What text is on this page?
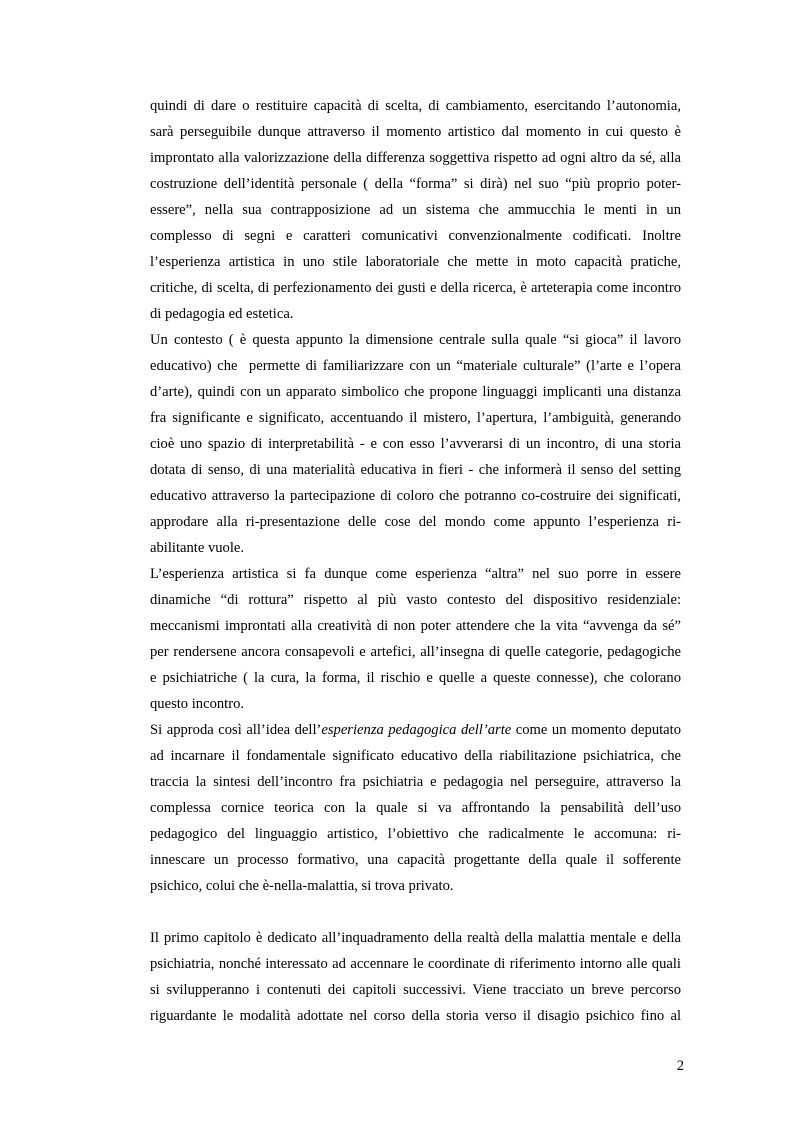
quindi di dare o restituire capacità di scelta, di cambiamento, esercitando l’autonomia,
sarà perseguibile dunque attraverso il momento artistico dal momento in cui questo è
improntato alla valorizzazione della differenza soggettiva rispetto ad ogni altro da sé, alla
costruzione dell’identità personale ( della “forma” si dirà) nel suo “più proprio poter-
essere”, nella sua contrapposizione ad un sistema che ammucchia le menti in un
complesso di segni e caratteri comunicativi convenzionalmente codificati. Inoltre
l’esperienza artistica in uno stile laboratoriale che mette in moto capacità pratiche,
critiche, di scelta, di perfezionamento dei gusti e della ricerca, è arteterapia come incontro
di pedagogia ed estetica.

Un contesto ( è questa appunto la dimensione centrale sulla quale “si gioca” il lavoro
educativo) che  permette di familiarizzare con un “materiale culturale” (l’arte e l’opera
d’arte), quindi con un apparato simbolico che propone linguaggi implicanti una distanza
fra significante e significato, accentuando il mistero, l’apertura, l’ambiguità, generando
cioè uno spazio di interpretabilità - e con esso l’avverarsi di un incontro, di una storia
dotata di senso, di una materialità educativa in fieri - che informerà il senso del setting
educativo attraverso la partecipazione di coloro che potranno co-costruire dei significati,
approdare alla ri-presentazione delle cose del mondo come appunto l’esperienza ri-
abilitante vuole.

L’esperienza artistica si fa dunque come esperienza “altra” nel suo porre in essere
dinamiche “di rottura” rispetto al più vasto contesto del dispositivo residenziale:
meccanismi improntati alla creatività di non poter attendere che la vita “avvenga da sé”
per rendersene ancora consapevoli e artefici, all’insegna di quelle categorie, pedagogiche
e psichiatriche ( la cura, la forma, il rischio e quelle a queste connesse), che colorano
questo incontro.

Si approda così all’idea dell’esperienza pedagogica dell’arte come un momento deputato
ad incarnare il fondamentale significato educativo della riabilitazione psichiatrica, che
traccia la sintesi dell’incontro fra psichiatria e pedagogia nel perseguire, attraverso la
complessa cornice teorica con la quale si va affrontando la pensabilità dell’uso
pedagogico del linguaggio artistico, l’obiettivo che radicalmente le accomuna: ri-
innescare un processo formativo, una capacità progettante della quale il sofferente
psichico, colui che è-nella-malattia, si trova privato.

Il primo capitolo è dedicato all’inquadramento della realtà della malattia mentale e della
psichiatria, nonché interessato ad accennare le coordinate di riferimento intorno alle quali
si svilupperanno i contenuti dei capitoli successivi. Viene tracciato un breve percorso
riguardante le modalità adottate nel corso della storia verso il disagio psichico fino al

2
